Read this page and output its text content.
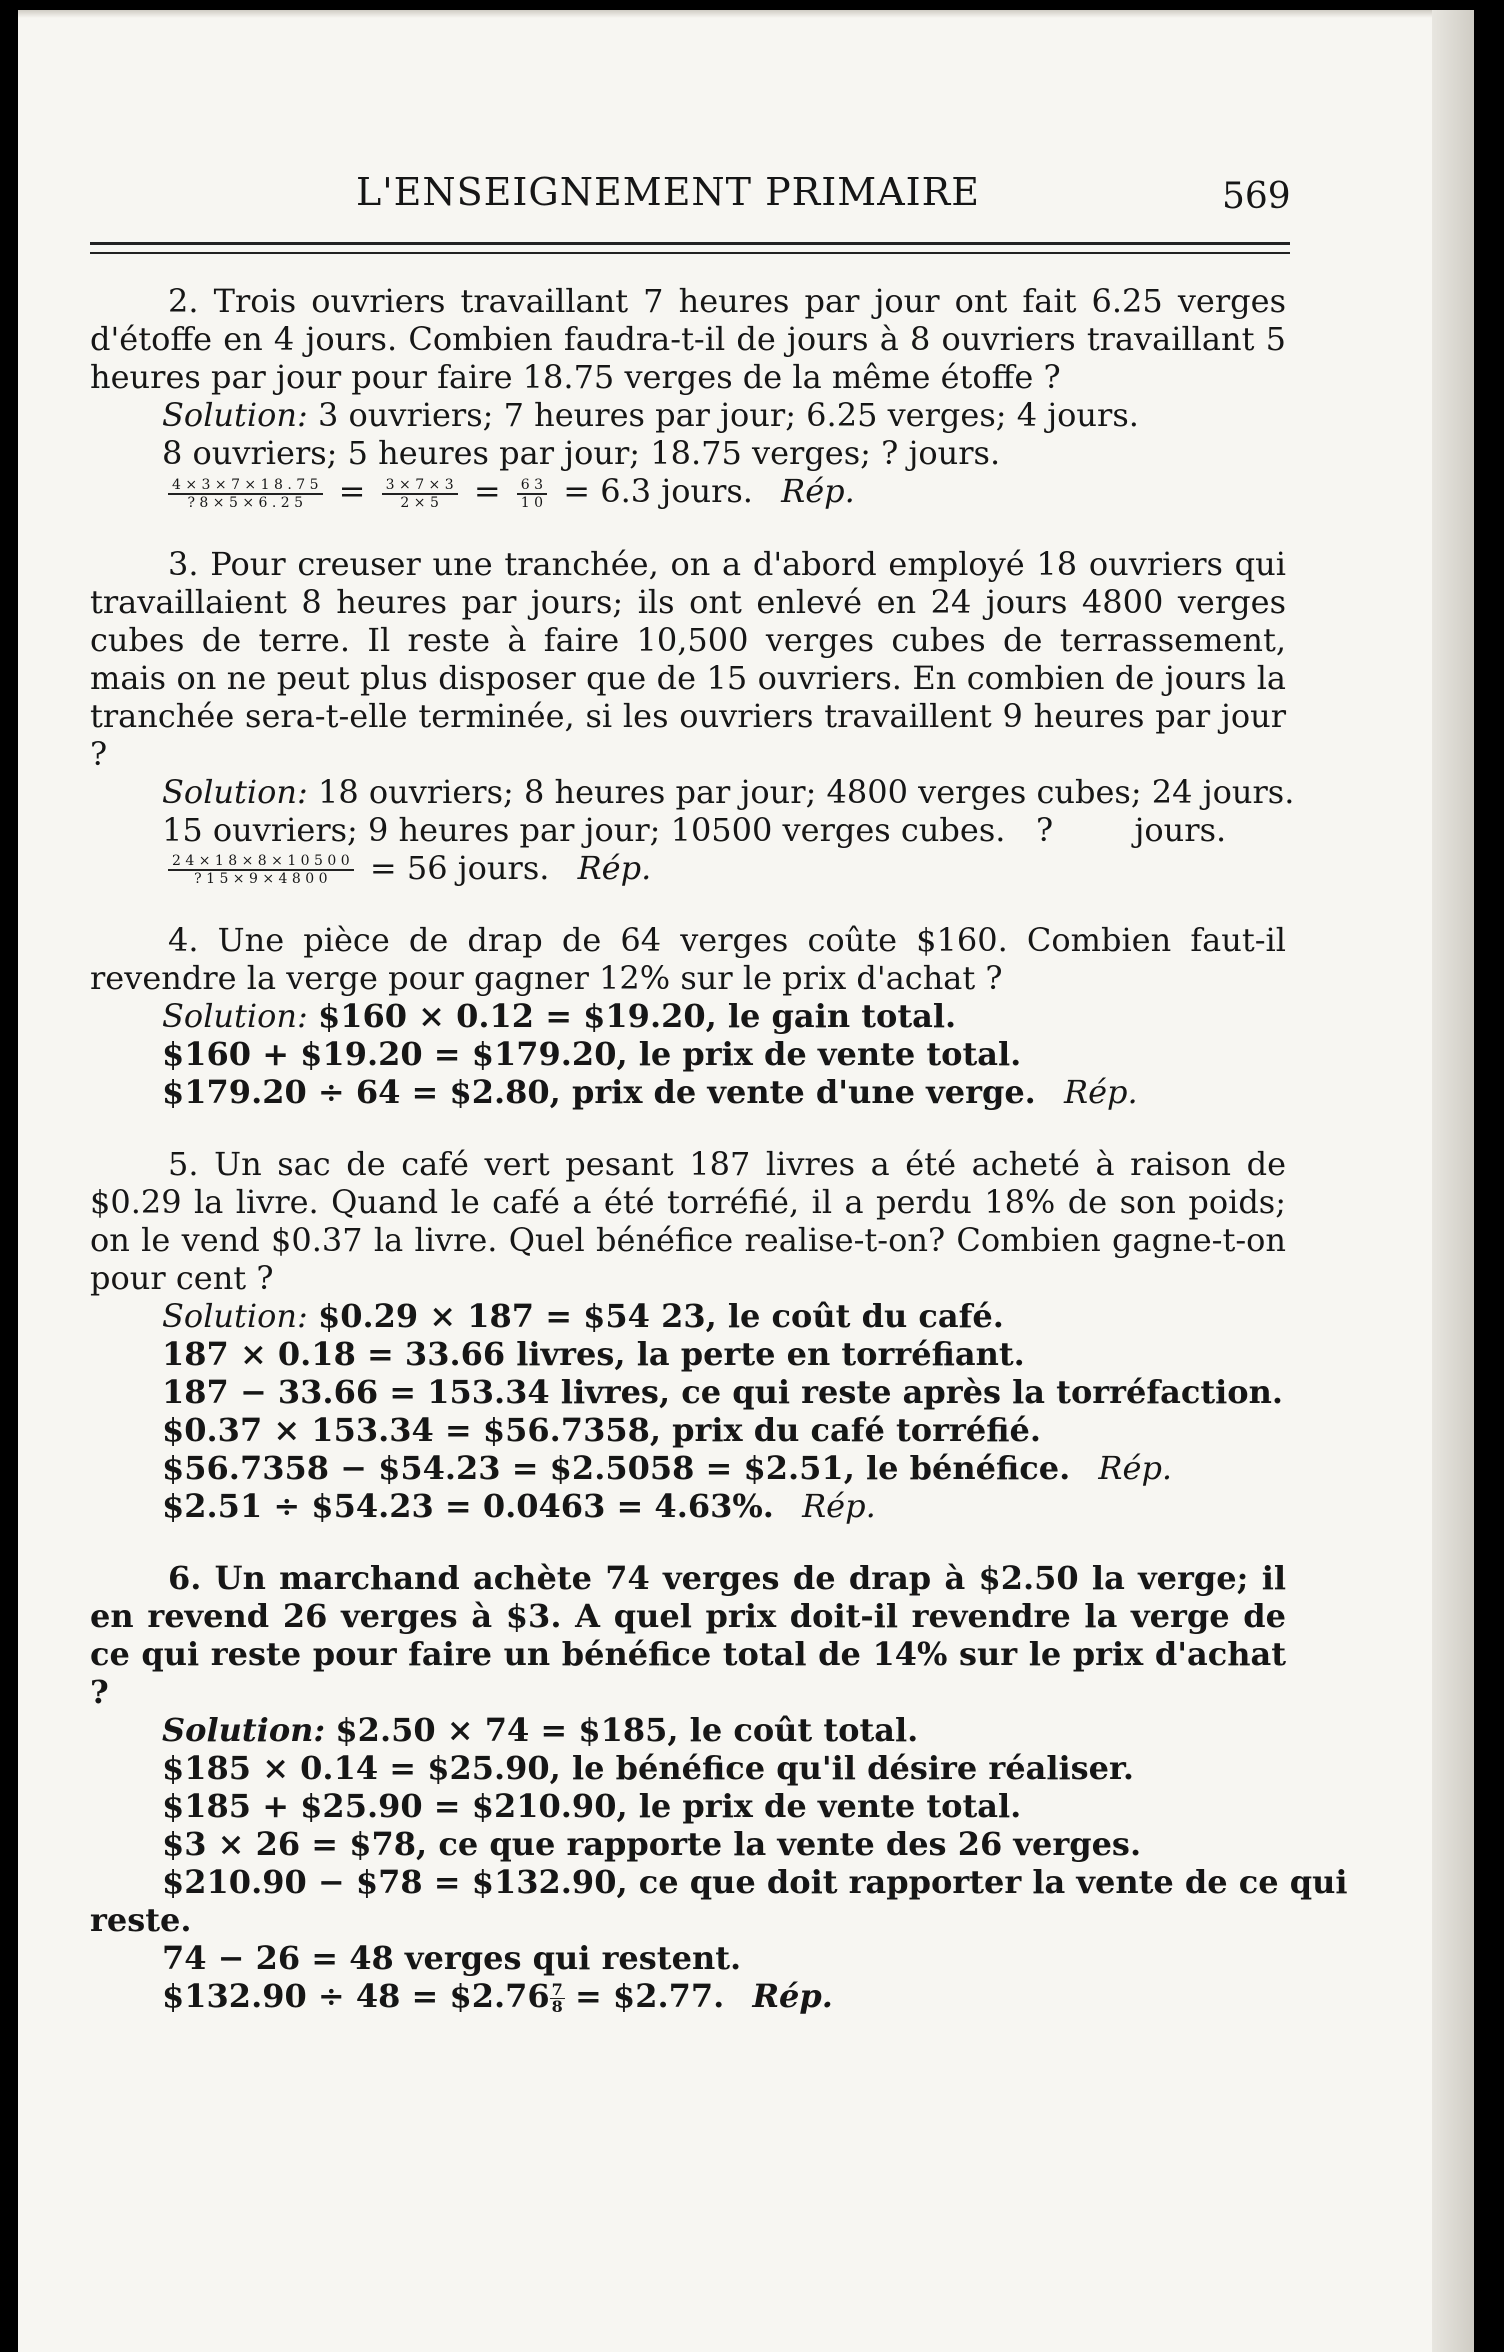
L'ENSEIGNEMENT PRIMAIRE	569

2. Trois ouvriers travaillant 7 heures par jour ont fait 6.25 verges d'étoffe en 4 jours. Combien faudra-t-il de jours à 8 ouvriers travaillant 5 heures par jour pour faire 18.75 verges de la même étoffe ?

Solution: 3 ouvriers; 7 heures par jour; 6.25 verges; 4 jours.

8 ouvriers; 5 heures par jour; 18.75 verges; ? jours.

$\frac{4 \times 3 \times 7 \times 1 8 . 7 5}{? 8 \times 5 \times 6 . 2 5} = \frac{3 \times 7 \times 3}{2 \times 5} = \frac{6 3}{1 0} = 6.3$ jours. Rép.

3. Pour creuser une tranchée, on a d'abord employé 18 ouvriers qui travaillaient 8 heures par jours; ils ont enlevé en 24 jours 4800 verges cubes de terre. Il reste à faire 10,500 verges cubes de terrassement, mais on ne peut plus disposer que de 15 ouvriers. En combien de jours la tranchée sera-t-elle terminée, si les ouvriers travaillent 9 heures par jour ?

Solution: 18 ouvriers; 8 heures par jour; 4800 verges cubes; 24 jours.

15 ouvriers; 9 heures par jour; 10500 verges cubes.   ?        jours.

$\frac{2 4 \times 1 8 \times 8 \times 1 0 5 0 0}{? 1 5 \times 9 \times 4 8 0 0} = 56$ jours. Rép.

4. Une pièce de drap de 64 verges coûte $160. Combien faut-il revendre la verge pour gagner 12% sur le prix d'achat ?

Solution: $160 × 0.12 = $19.20, le gain total.

$160 + $19.20 = $179.20, le prix de vente total.

$179.20 ÷ 64 = $2.80, prix de vente d'une verge. Rép.

5. Un sac de café vert pesant 187 livres a été acheté à raison de $0.29 la livre. Quand le café a été torréfié, il a perdu 18% de son poids; on le vend $0.37 la livre. Quel bénéfice realise-t-on? Combien gagne-t-on pour cent ?

Solution: $0.29 × 187 = $54 23, le coût du café.

187 × 0.18 = 33.66 livres, la perte en torréfiant.

187 − 33.66 = 153.34 livres, ce qui reste après la torréfaction.

$0.37 × 153.34 = $56.7358, prix du café torréfié.

$56.7358 − $54.23 = $2.5058 = $2.51, le bénéfice. Rép.

$2.51 ÷ $54.23 = 0.0463 = 4.63%. Rép.

6. Un marchand achète 74 verges de drap à $2.50 la verge; il en revend 26 verges à $3. A quel prix doit-il revendre la verge de ce qui reste pour faire un bénéfice total de 14% sur le prix d'achat ?

Solution: $2.50 × 74 = $185, le coût total.

$185 × 0.14 = $25.90, le bénéfice qu'il désire réaliser.

$185 + $25.90 = $210.90, le prix de vente total.

$3 × 26 = $78, ce que rapporte la vente des 26 verges.

$210.90 − $78 = $132.90, ce que doit rapporter la vente de ce qui

reste.

74 − 26 = 48 verges qui restent.

$132.90 ÷ 48 = $2.76 $\frac{7}{8}$ = $2.77. Rép.
